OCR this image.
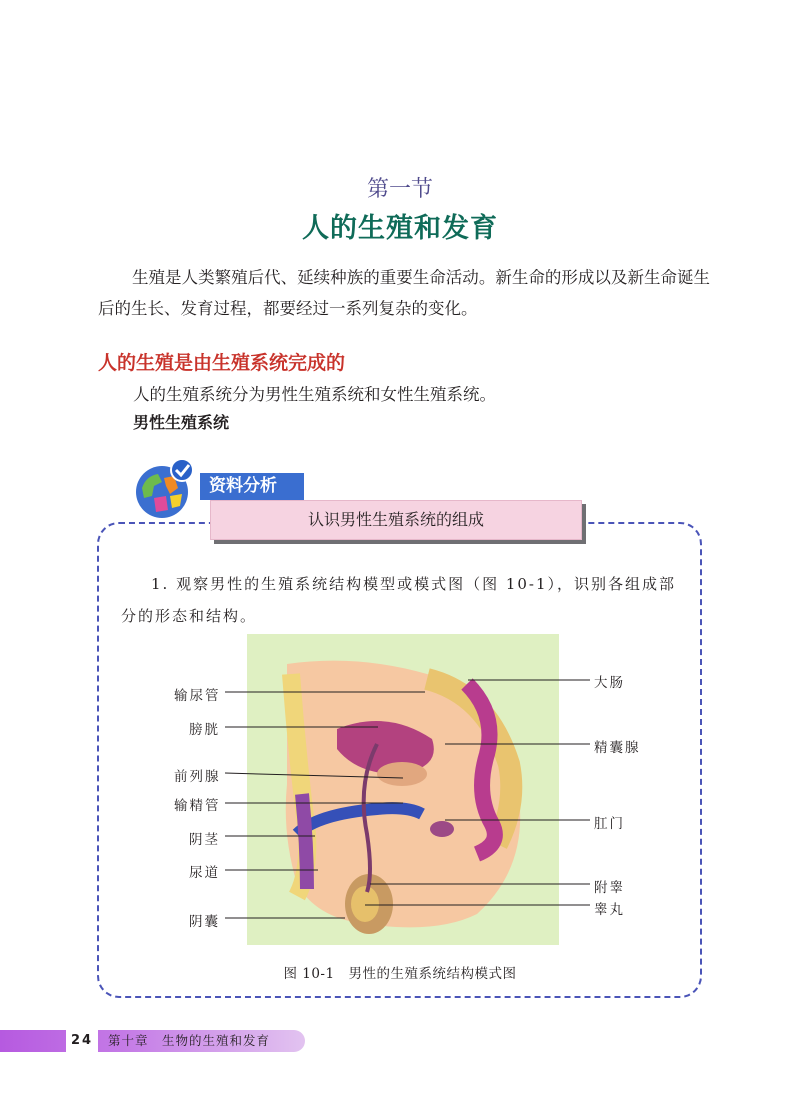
第一节
人的生殖和发育
生殖是人类繁殖后代、延续种族的重要生命活动。新生命的形成以及新生命诞生后的生长、发育过程，都要经过一系列复杂的变化。
人的生殖是由生殖系统完成的
人的生殖系统分为男性生殖系统和女性生殖系统。
男性生殖系统
资料分析
认识男性生殖系统的组成
1. 观察男性的生殖系统结构模型或模式图（图 10-1），识别各组成部分的形态和结构。
输尿管
膀胱
前列腺
输精管
阴茎
尿道
阴囊
大肠
精囊腺
肛门
附睾
睾丸
图 10-1　男性的生殖系统结构模式图
24	第十章　生物的生殖和发育
